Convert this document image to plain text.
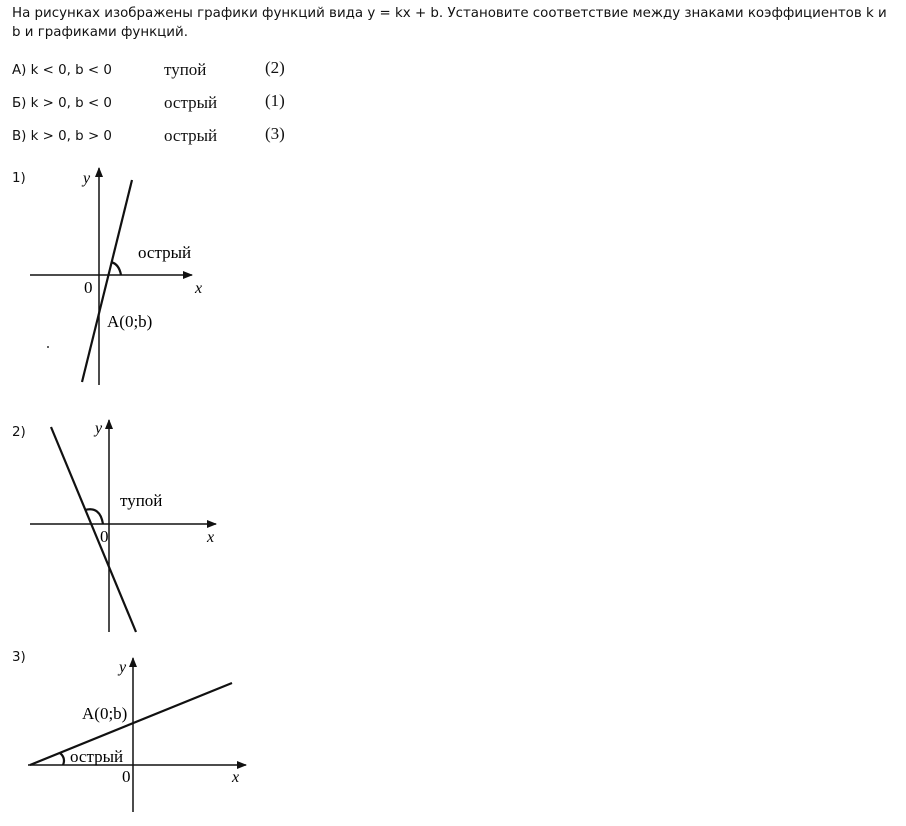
На рисунках изображены графики функций вида y = kx + b. Установите соответствие между знаками коэффициентов k и b и графиками функций.
А) k < 0, b < 0	тупой	(2)
Б) k > 0, b < 0	острый	(1)
В) k > 0, b > 0	острый	(3)
1)
2)
3)
y
x
0
острый
A(0;b)
y
x
0
тупой
y
x
0
острый
A(0;b)
